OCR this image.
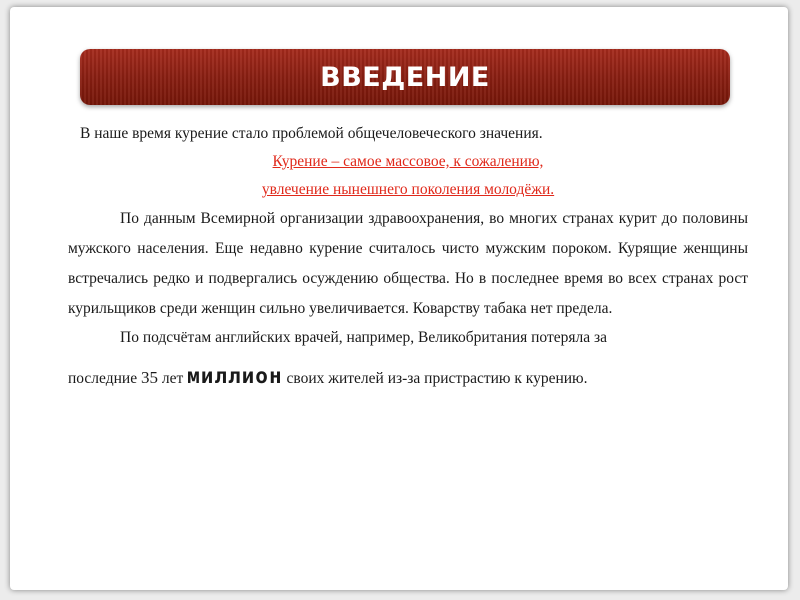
ВВЕДЕНИЕ
В наше время курение стало проблемой общечеловеческого значения.
Курение – самое массовое, к сожалению,
увлечение нынешнего поколения молодёжи.

По данным Всемирной организации здравоохранения, во многих странах курит до половины мужского населения. Еще недавно курение считалось чисто мужским пороком. Курящие женщины встречались редко и подвергались осуждению общества. Но в последнее время во всех странах рост курильщиков среди женщин сильно увеличивается. Коварству табака нет предела.

По подсчётам английских врачей, например, Великобритания потеряла за

последние 35 лет миллион своих жителей из-за пристрастию к курению.
